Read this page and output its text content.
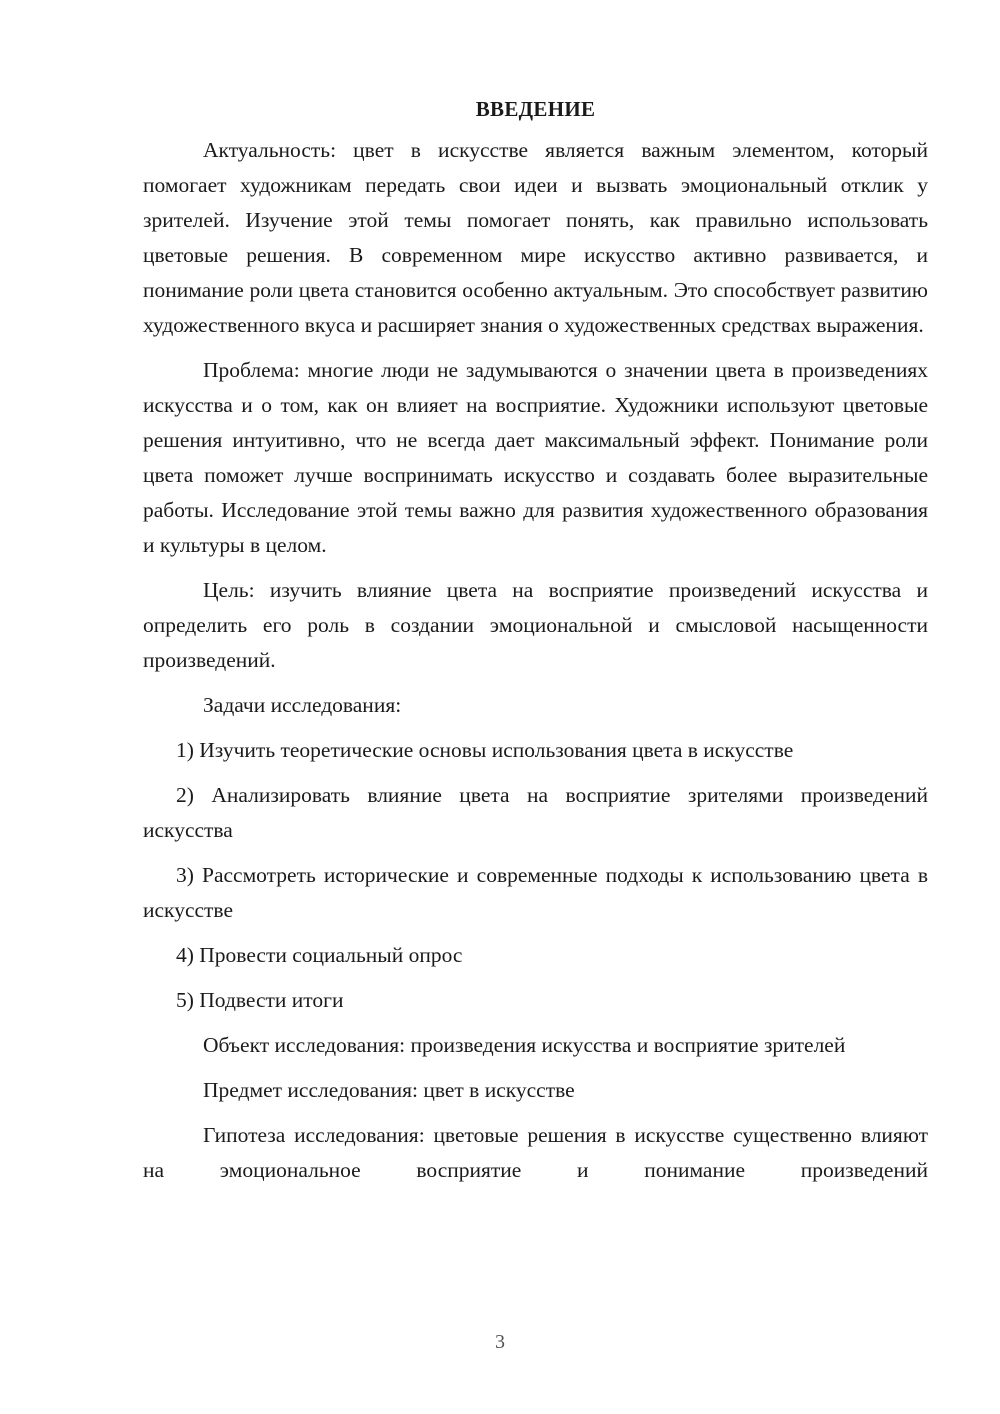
ВВЕДЕНИЕ

Актуальность: цвет в искусстве является важным элементом, который помогает художникам передать свои идеи и вызвать эмоциональный отклик у зрителей. Изучение этой темы помогает понять, как правильно использовать цветовые решения. В современном мире искусство активно развивается, и понимание роли цвета становится особенно актуальным. Это способствует развитию художественного вкуса и расширяет знания о художественных средствах выражения.

Проблема: многие люди не задумываются о значении цвета в произведениях искусства и о том, как он влияет на восприятие. Художники используют цветовые решения интуитивно, что не всегда дает максимальный эффект. Понимание роли цвета поможет лучше воспринимать искусство и создавать более выразительные работы. Исследование этой темы важно для развития художественного образования и культуры в целом.

Цель: изучить влияние цвета на восприятие произведений искусства и определить его роль в создании эмоциональной и смысловой насыщенности произведений.

Задачи исследования:

1) Изучить теоретические основы использования цвета в искусстве

2) Анализировать влияние цвета на восприятие зрителями произведений искусства

3) Рассмотреть исторические и современные подходы к использованию цвета в искусстве

4) Провести социальный опрос

5) Подвести итоги

Объект исследования: произведения искусства и восприятие зрителей

Предмет исследования: цвет в искусстве

Гипотеза исследования: цветовые решения в искусстве существенно влияют на эмоциональное восприятие и понимание произведений

3
